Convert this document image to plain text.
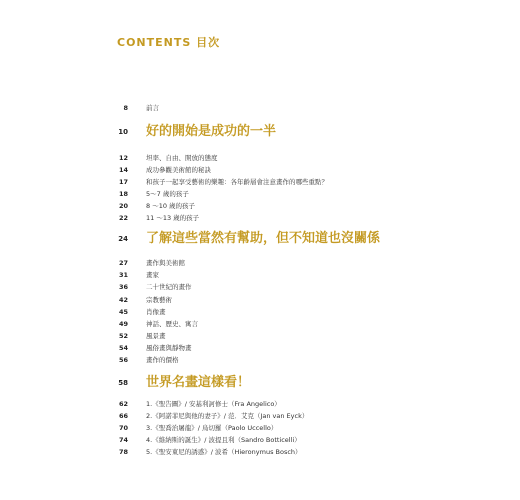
CONTENTS 目次
8	前言
10 好的開始是成功的一半
12	坦率、自由、開放的態度
14	成功參觀美術館的秘訣
17	和孩子一起享受藝術的樂趣：各年齡層會注意畫作的哪些重點？
18	5～7 歲的孩子
20	8 ～10 歲的孩子
22	11 ～13 歲的孩子
24 了解這些當然有幫助，但不知道也沒關係
27	畫作與美術館
31	畫家
36	二十世紀的畫作
42	宗教藝術
45	肖像畫
49	神話、歷史、寓言
52	風景畫
54	風俗畫與靜物畫
56	畫作的價格
58 世界名畫這樣看！
62	1.《聖告圖》/ 安基利訶修士（Fra Angelico）
66	2.《阿諾菲尼與他的妻子》/ 范．艾克（Jan van Eyck）
70	3.《聖喬治屠龍》/ 烏切羅（Paolo Uccello）
74	4.《維納斯的誕生》/ 波提且利（Sandro Botticelli）
78	5.《聖安東尼的誘惑》/ 波希（Hieronymus Bosch）
